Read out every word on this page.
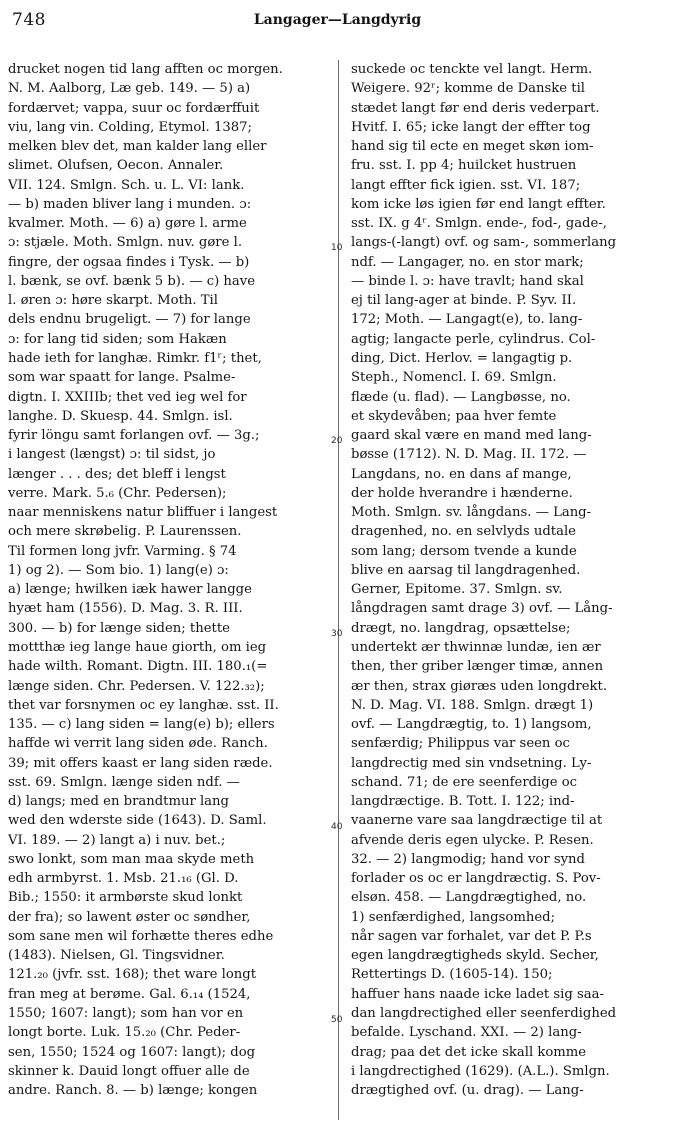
748	Langager—Langdyrig
drucket nogen tid lang afften oc morgen.
N. M. Aalborg, Læ geb. 149. — 5) a)
fordærvet; vappa, suur oc fordærffuit
viu, lang vin. Colding, Etymol. 1387;
melken blev det, man kalder lang eller
slimet. Olufsen, Oecon. Annaler.
VII. 124. Smlgn. Sch. u. L. VI: lank.
— b) maden bliver lang i munden. ɔ:
kvalmer. Moth. — 6) a) gøre l. arme
ɔ: stjæle. Moth. Smlgn. nuv. gøre l.
fingre, der ogsaa findes i Tysk. — b)
l. bænk, se ovf. bænk 5 b). — c) have
l. øren ɔ: høre skarpt. Moth. Til
dels endnu brugeligt. — 7) for lange
ɔ: for lang tid siden; som Hakæn
hade ieth for langhæ. Rimkr. f1ʳ; thet,
som war spaatt for lange. Psalme-
digtn. I. XXIIIb; thet ved ieg wel for
langhe. D. Skuesp. 44. Smlgn. isl.
fyrir löngu samt forlangen ovf. — 3g.;
i langest (længst) ɔ: til sidst, jo
længer . . . des; det bleff i lengst
verre. Mark. 5.₆ (Chr. Pedersen);
naar menniskens natur bliffuer i langest
och mere skrøbelig. P. Laurenssen.
Til formen long jvfr. Varming. § 74
1) og 2). — Som bio. 1) lang(e) ɔ:
a) længe; hwilken iæk hawer langge
hyæt ham (1556). D. Mag. 3. R. III.
300. — b) for længe siden; thette
mottthæ ieg lange haue giorth, om ieg
hade wilth. Romant. Digtn. III. 180.₁(=
længe siden. Chr. Pedersen. V. 122.₃₂);
thet var forsnymen oc ey langhæ. sst. II.
135. — c) lang siden = lang(e) b); ellers
haffde wi verrit lang siden øde. Ranch.
39; mit offers kaast er lang siden ræde.
sst. 69. Smlgn. længe siden ndf. —
d) langs; med en brandtmur lang
wed den wderste side (1643). D. Saml.
VI. 189. — 2) langt a) i nuv. bet.;
swo lonkt, som man maa skyde meth
edh armbyrst. 1. Msb. 21.₁₆ (Gl. D.
Bib.; 1550: it armbørste skud lonkt
der fra); so lawent øster oc søndher,
som sane men wil forhætte theres edhe
(1483). Nielsen, Gl. Tingsvidner.
121.₂₀ (jvfr. sst. 168); thet ware longt
fran meg at berøme. Gal. 6.₁₄ (1524,
1550; 1607: langt); som han vor en
longt borte. Luk. 15.₂₀ (Chr. Peder-
sen, 1550; 1524 og 1607: langt); dog
skinner k. Dauid longt offuer alle de
andre. Ranch. 8. — b) længe; kongen
10
20
30
40
50
suckede oc tenckte vel langt. Herm.
Weigere. 92ʳ; komme de Danske til
stædet langt før end deris vederpart.
Hvitf. I. 65; icke langt der effter tog
hand sig til ecte en meget skøn iom-
fru. sst. I. pp 4; huilcket hustruen
langt effter fick igien. sst. VI. 187;
kom icke løs igien før end langt effter.
sst. IX. g 4ʳ. Smlgn. ende-, fod-, gade-,
langs-(-langt) ovf. og sam-, sommerlang
ndf. — Langager, no. en stor mark;
— binde l. ɔ: have travlt; hand skal
ej til lang-ager at binde. P. Syv. II.
172; Moth. — Langagt(e), to. lang-
agtig; langacte perle, cylindrus. Col-
ding, Dict. Herlov. = langagtig p.
Steph., Nomencl. I. 69. Smlgn.
flæde (u. flad). — Langbøsse, no.
et skydevåben; paa hver femte
gaard skal være en mand med lang-
bøsse (1712). N. D. Mag. II. 172. —
Langdans, no. en dans af mange,
der holde hverandre i hænderne.
Moth. Smlgn. sv. långdans. — Lang-
dragenhed, no. en selvlyds udtale
som lang; dersom tvende a kunde
blive en aarsag til langdragenhed.
Gerner, Epitome. 37. Smlgn. sv.
långdragen samt drage 3) ovf. — Lång-
drægt, no. langdrag, opsættelse;
undertekt ær thwinnæ lundæ, ien ær
then, ther griber længer timæ, annen
ær then, strax giøræs uden longdrekt.
N. D. Mag. VI. 188. Smlgn. drægt 1)
ovf. — Langdrægtig, to. 1) langsom,
senfærdig; Philippus var seen oc
langdrectig med sin vndsetning. Ly-
schand. 71; de ere seenferdige oc
langdræctige. B. Tott. I. 122; ind-
vaanerne vare saa langdræctige til at
afvende deris egen ulycke. P. Resen.
32. — 2) langmodig; hand vor synd
forlader os oc er langdræctig. S. Pov-
elsøn. 458. — Langdrægtighed, no.
1) senfærdighed, langsomhed;
når sagen var forhalet, var det P. P.s
egen langdrægtigheds skyld. Secher,
Rettertings D. (1605-14). 150;
haffuer hans naade icke ladet sig saa-
dan langdrectighed eller seenferdighed
befalde. Lyschand. XXI. — 2) lang-
drag; paa det det icke skall komme
i langdrectighed (1629). (A.L.). Smlgn.
drægtighed ovf. (u. drag). — Lang-
